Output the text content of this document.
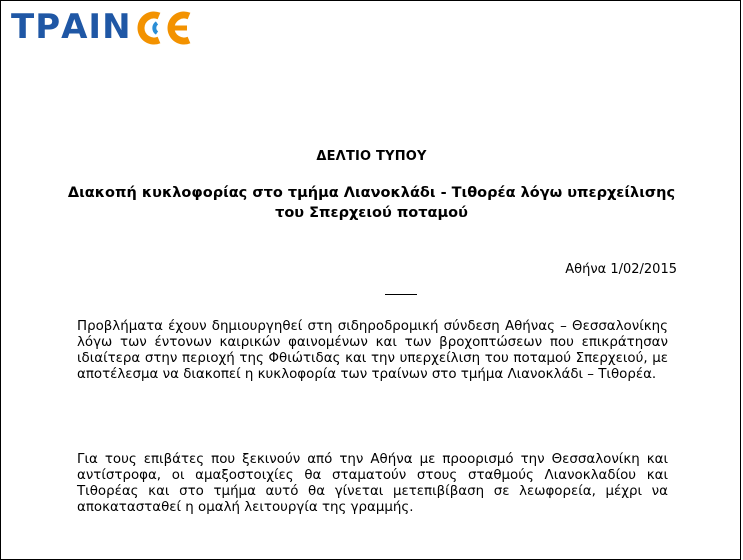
ΤΡΑΙΝ
ΔΕΛΤΙΟ ΤΥΠΟΥ
Διακοπή κυκλοφορίας στο τμήμα Λιανοκλάδι - Τιθορέα λόγω υπερχείλισης του Σπερχειού ποταμού
Αθήνα 1/02/2015

Προβλήματα έχουν δημιουργηθεί στη σιδηροδρομική σύνδεση Αθήνας – Θεσσαλονίκης λόγω των έντονων καιρικών φαινομένων και των βροχοπτώσεων που επικράτησαν ιδιαίτερα στην περιοχή της Φθιώτιδας και την υπερχείλιση του ποταμού Σπερχειού, με αποτέλεσμα να διακοπεί η κυκλοφορία των τραίνων στο τμήμα Λιανοκλάδι – Τιθορέα.

Για τους επιβάτες που ξεκινούν από την Αθήνα με προορισμό την Θεσσαλονίκη και αντίστροφα, οι αμαξοστοιχίες θα σταματούν στους σταθμούς Λιανοκλαδίου και Τιθορέας και στο τμήμα αυτό θα γίνεται μετεπιβίβαση σε λεωφορεία, μέχρι να αποκατασταθεί η ομαλή λειτουργία της γραμμής.
